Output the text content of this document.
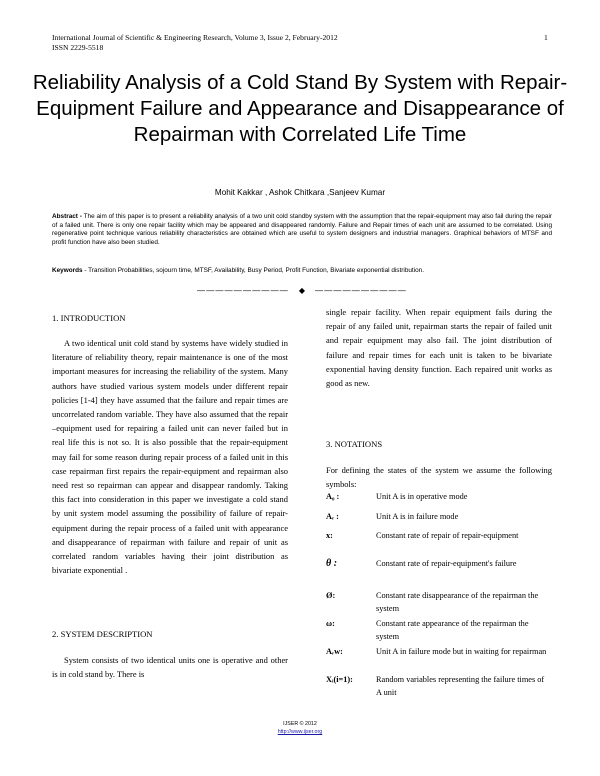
International Journal of Scientific & Engineering Research, Volume 3, Issue 2, February-2012
ISSN 2229-5518
1
Reliability Analysis of a Cold Stand By System with Repair-Equipment Failure and Appearance and Disappearance of Repairman with Correlated Life Time
Mohit Kakkar , Ashok Chitkara ,Sanjeev Kumar
Abstract - The aim of this paper is to present a reliability analysis of a two unit cold standby system with the assumption that the repair-equipment may also fail during the repair of a failed unit. There is only one repair facility which may be appeared and disappeared randomly. Failure and Repair times of each unit are assumed to be correlated. Using regenerative point technique various reliability characteristics are obtained which are useful to system designers and industrial managers. Graphical behaviors of MTSF and profit function have also been studied.
Keywords - Transition Probabilities, sojourn time, MTSF, Availability, Busy Period, Profit Function, Bivariate exponential distribution.
—————————— ◆ ——————————
1. INTRODUCTION
A two identical unit cold stand by systems have widely studied in literature of reliability theory, repair maintenance is one of the most important measures for increasing the reliability of the system. Many authors have studied various system models under different repair policies [1-4] they have assumed that the failure and repair times are uncorrelated random variable. They have also assumed that the repair –equipment used for repairing a failed unit can never failed but in real life this is not so. It is also possible that the repair-equipment may fail for some reason during repair process of a failed unit in this case repairman first repairs the repair-equipment and repairman also need rest so repairman can appear and disappear randomly. Taking this fact into consideration in this paper we investigate a cold stand by unit system model assuming the possibility of failure of repair-equipment during the repair process of a failed unit with appearance and disappearance of repairman with failure and repair of unit as correlated random variables having their joint distribution as bivariate exponential .
2. SYSTEM DESCRIPTION
System consists of two identical units one is operative and other is in cold stand by. There is
single repair facility. When repair equipment fails during the repair of any failed unit, repairman starts the repair of failed unit and repair equipment may also fail. The joint distribution of failure and repair times for each unit is taken to be bivariate exponential having density function. Each repaired unit works as good as new.
3. NOTATIONS
For defining the states of the system we assume the following symbols:
A₀ :	Unit A is in operative mode
Aᵣ :	Unit A is in failure mode
x:	Constant rate of repair of repair-equipment
θ :	Constant rate of repair-equipment's failure
Ø:	Constant rate disappearance of the repairman the system
ω:	Constant rate appearance of the repairman the system
Aᵣw:	Unit A in failure mode but in waiting for repairman
Xᵢ(i=1):	Random variables representing the failure times of A unit
IJSER © 2012
http://www.ijser.org
